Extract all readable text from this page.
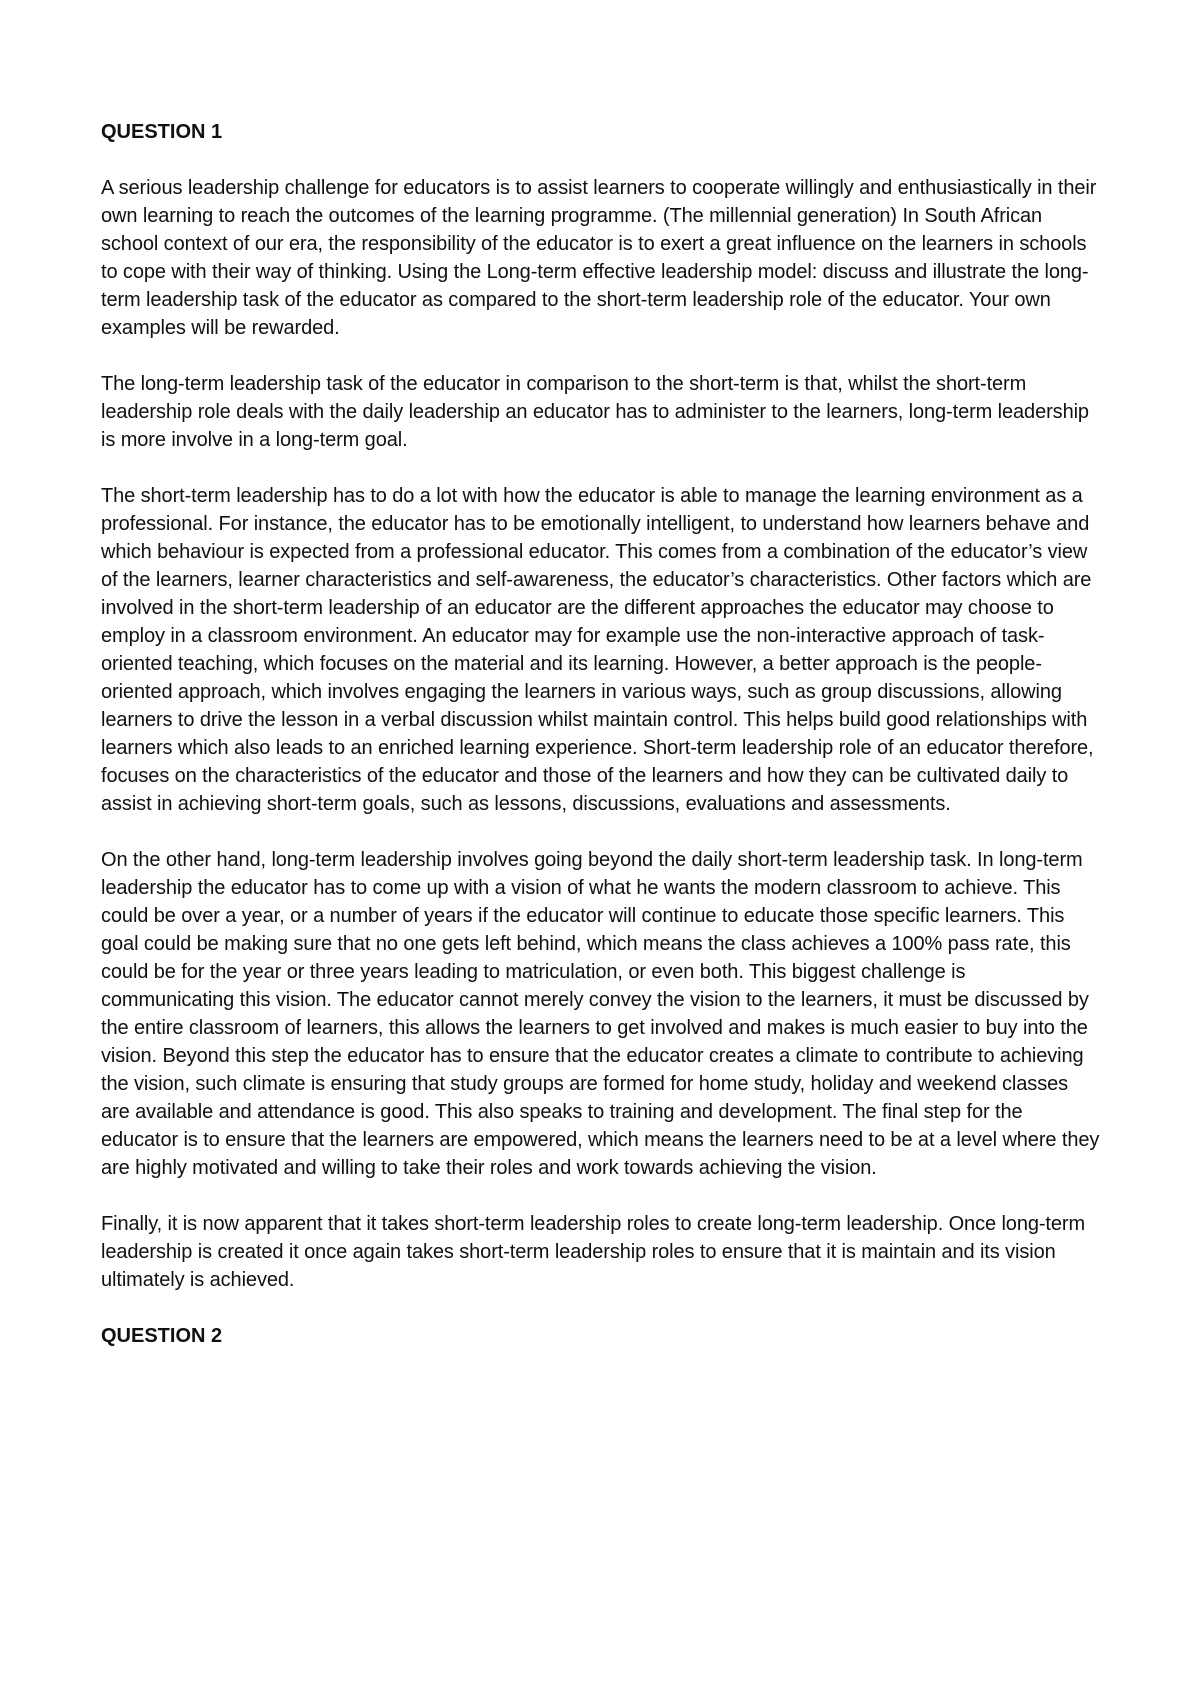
QUESTION 1

A serious leadership challenge for educators is to assist learners to cooperate willingly and enthusiastically in their own learning to reach the outcomes of the learning programme. (The millennial generation) In South African school context of our era, the responsibility of the educator is to exert a great influence on the learners in schools to cope with their way of thinking. Using the Long-term effective leadership model: discuss and illustrate the long-term leadership task of the educator as compared to the short-term leadership role of the educator. Your own examples will be rewarded.

The long-term leadership task of the educator in comparison to the short-term is that, whilst the short-term leadership role deals with the daily leadership an educator has to administer to the learners, long-term leadership is more involve in a long-term goal.

The short-term leadership has to do a lot with how the educator is able to manage the learning environment as a professional. For instance, the educator has to be emotionally intelligent, to understand how learners behave and which behaviour is expected from a professional educator. This comes from a combination of the educator’s view of the learners, learner characteristics and self-awareness, the educator’s characteristics. Other factors which are involved in the short-term leadership of an educator are the different approaches the educator may choose to employ in a classroom environment. An educator may for example use the non-interactive approach of task-oriented teaching, which focuses on the material and its learning. However, a better approach is the people-oriented approach, which involves engaging the learners in various ways, such as group discussions, allowing learners to drive the lesson in a verbal discussion whilst maintain control. This helps build good relationships with learners which also leads to an enriched learning experience. Short-term leadership role of an educator therefore, focuses on the characteristics of the educator and those of the learners and how they can be cultivated daily to assist in achieving short-term goals, such as lessons, discussions, evaluations and assessments.

On the other hand, long-term leadership involves going beyond the daily short-term leadership task. In long-term leadership the educator has to come up with a vision of what he wants the modern classroom to achieve. This could be over a year, or a number of years if the educator will continue to educate those specific learners. This goal could be making sure that no one gets left behind, which means the class achieves a 100% pass rate, this could be for the year or three years leading to matriculation, or even both. This biggest challenge is communicating this vision. The educator cannot merely convey the vision to the learners, it must be discussed by the entire classroom of learners, this allows the learners to get involved and makes is much easier to buy into the vision. Beyond this step the educator has to ensure that the educator creates a climate to contribute to achieving the vision, such climate is ensuring that study groups are formed for home study, holiday and weekend classes are available and attendance is good. This also speaks to training and development. The final step for the educator is to ensure that the learners are empowered, which means the learners need to be at a level where they are highly motivated and willing to take their roles and work towards achieving the vision.

Finally, it is now apparent that it takes short-term leadership roles to create long-term leadership. Once long-term leadership is created it once again takes short-term leadership roles to ensure that it is maintain and its vision ultimately is achieved.

QUESTION 2
